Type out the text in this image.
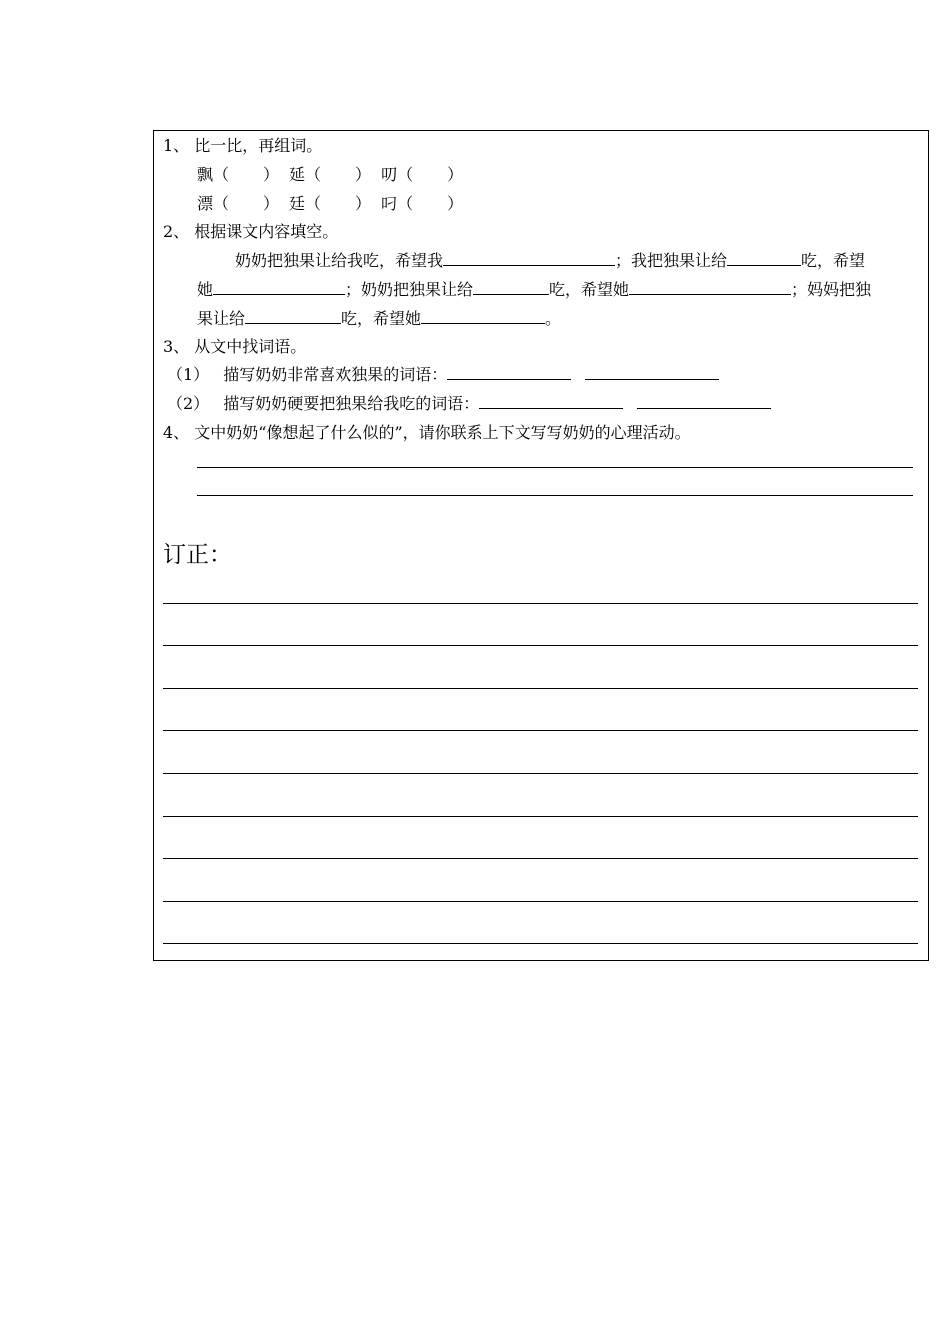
1、 比一比，再组词。
飘（ ） 延（ ） 叨（ ）
漂（ ） 廷（ ） 叼（ ）
2、 根据课文内容填空。
奶奶把独果让给我吃，希望我	；我把独果让给	吃，希望
她	；奶奶把独果让给	吃，希望她	；妈妈把独
果让给	吃，希望她	。
3、 从文中找词语。
（1） 描写奶奶非常喜欢独果的词语：
（2） 描写奶奶硬要把独果给我吃的词语：
4、 文中奶奶“像想起了什么似的”，请你联系上下文写写奶奶的心理活动。
订正：
